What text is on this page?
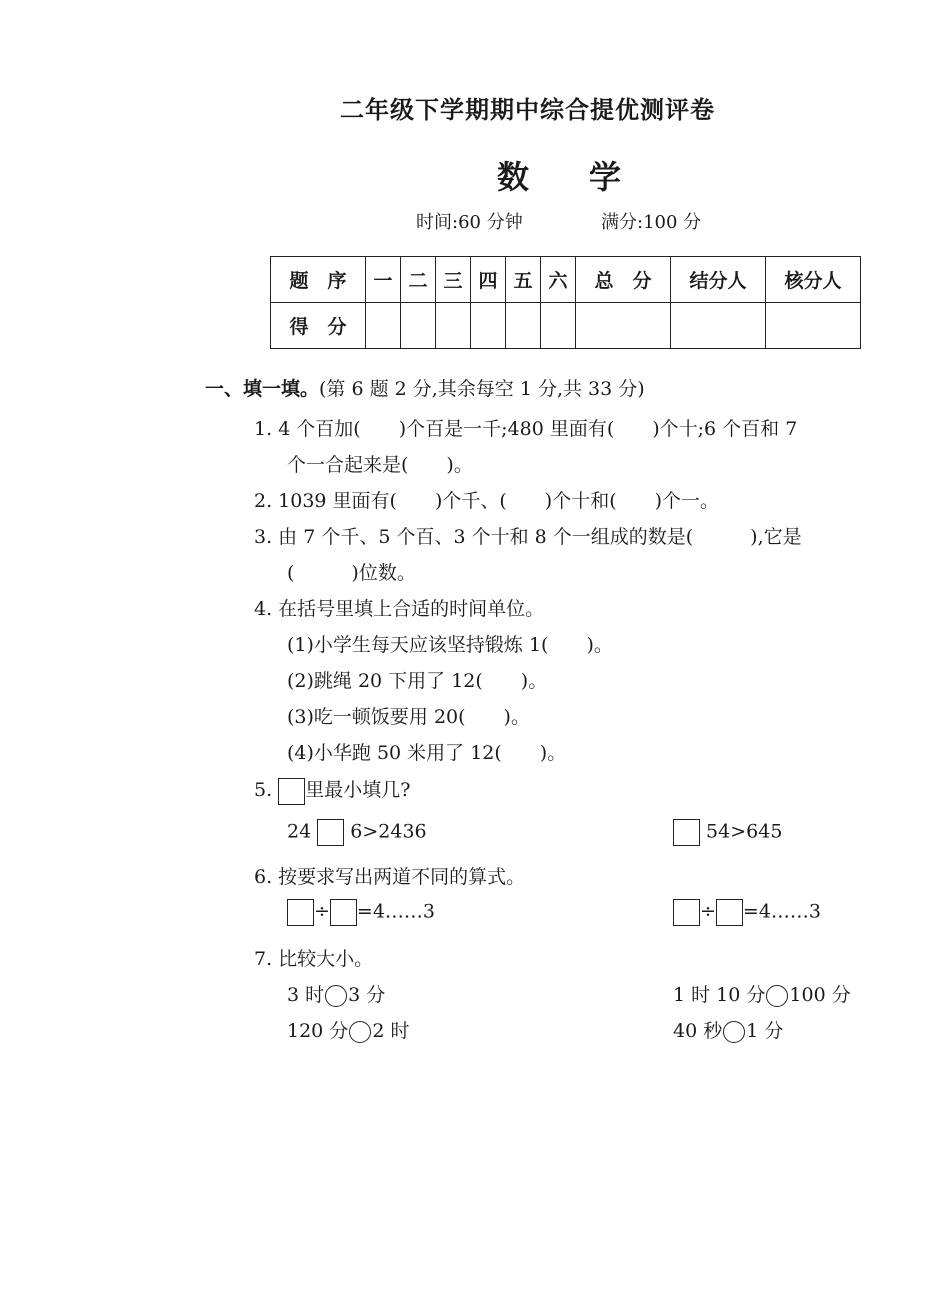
二年级下学期期中综合提优测评卷
数学
时间:60 分钟	满分:100 分
题　序	一	二	三	四	五	六	总　分	结分人	核分人
得　分									
一、填一填。(第 6 题 2 分,其余每空 1 分,共 33 分)
1. 4 个百加(　　)个百是一千;480 里面有(　　)个十;6 个百和 7
个一合起来是(　　)。
2. 1039 里面有(　　)个千、(　　)个十和(　　)个一。
3. 由 7 个千、5 个百、3 个十和 8 个一组成的数是(　　　),它是
(　　　)位数。
4. 在括号里填上合适的时间单位。
(1)小学生每天应该坚持锻炼 1(　　)。
(2)跳绳 20 下用了 12(　　)。
(3)吃一顿饭要用 20(　　)。
(4)小华跑 50 米用了 12(　　)。
5. 里最小填几?
24 6>2436	54>645
6. 按要求写出两道不同的算式。
÷ =4……3	÷ =4……3
7. 比较大小。
3 时 3 分	1 时 10 分 100 分
120 分 2 时	40 秒 1 分
